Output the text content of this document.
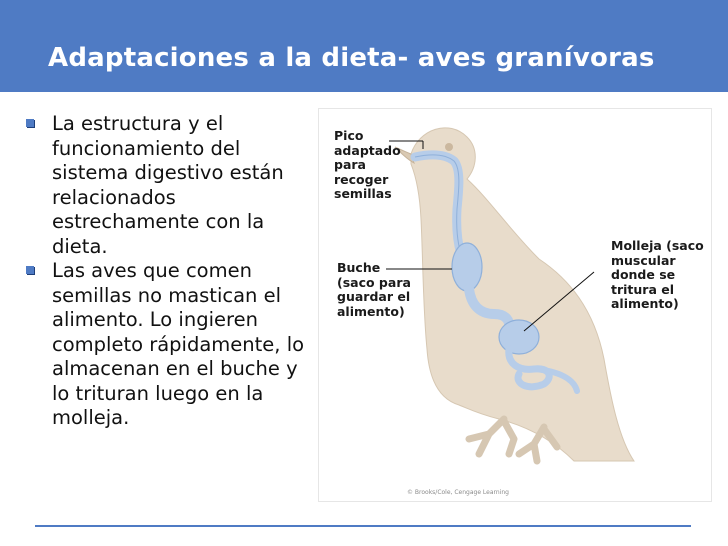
Adaptaciones a la dieta- aves granívoras
La estructura y el funcionamiento del sistema digestivo están relacionados estrechamente con la dieta.
Las aves que comen semillas no mastican el alimento. Lo ingieren completo rápidamente, lo almacenan en el buche y lo trituran luego en la molleja.

Pico
adaptado
para
recoger
semillas

Buche
(saco para
guardar el
alimento)

Molleja (saco
muscular
donde se
tritura el
alimento)

© Brooks/Cole, Cengage Learning
